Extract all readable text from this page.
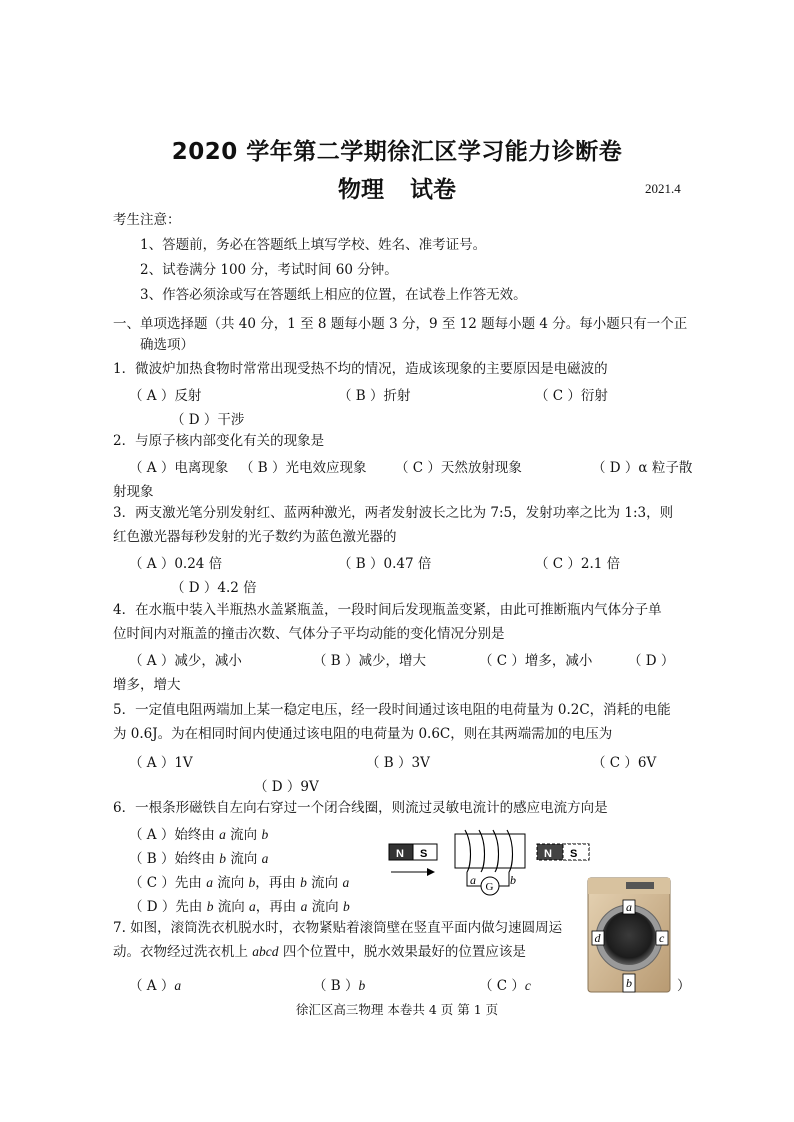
2020 学年第二学期徐汇区学习能力诊断卷
物理 试卷	2021.4
考生注意：
1、答题前，务必在答题纸上填写学校、姓名、准考证号。
2、试卷满分 100 分，考试时间 60 分钟。
3、作答必须涂或写在答题纸上相应的位置，在试卷上作答无效。
一、单项选择题（共 40 分，1 至 8 题每小题 3 分，9 至 12 题每小题 4 分。每小题只有一个正
确选项）
1．微波炉加热食物时常常出现受热不均的情况，造成该现象的主要原因是电磁波的
（ A ）反射	（ B ）折射	（ C ）衍射
（ D ）干涉
2．与原子核内部变化有关的现象是
（ A ）电离现象 （ B ）光电效应现象 （ C ）天然放射现象	（ D ）α 粒子散
射现象
3．两支激光笔分别发射红、蓝两种激光，两者发射波长之比为 7:5，发射功率之比为 1:3，则
红色激光器每秒发射的光子数约为蓝色激光器的
（ A ）0.24 倍	（ B ）0.47 倍	（ C ）2.1 倍
（ D ）4.2 倍
4．在水瓶中装入半瓶热水盖紧瓶盖，一段时间后发现瓶盖变紧，由此可推断瓶内气体分子单
位时间内对瓶盖的撞击次数、气体分子平均动能的变化情况分别是
（ A ）减少，减小	（ B ）减少，增大	（ C ）增多，减小	（ D ）
增多，增大
5．一定值电阻两端加上某一稳定电压，经一段时间通过该电阻的电荷量为 0.2C，消耗的电能
为 0.6J。为在相同时间内使通过该电阻的电荷量为 0.6C，则在其两端需加的电压为
（ A ）1V	（ B ）3V	（ C ）6V
（ D ）9V
6．一根条形磁铁自左向右穿过一个闭合线圈，则流过灵敏电流计的感应电流方向是
（ A ）始终由 a 流向 b
（ B ）始终由 b 流向 a
（ C ）先由 a 流向 b，再由 b 流向 a
（ D ）先由 b 流向 a，再由 a 流向 b
N S
G
a	b
N S
7. 如图，滚筒洗衣机脱水时，衣物紧贴着滚筒壁在竖直平面内做匀速圆周运
动。衣物经过洗衣机上 abcd 四个位置中，脱水效果最好的位置应该是
（ A ）a	（ B ）b	（ C ）c	）
a
d	c
b
徐汇区高三物理 本卷共 4 页 第 1 页
